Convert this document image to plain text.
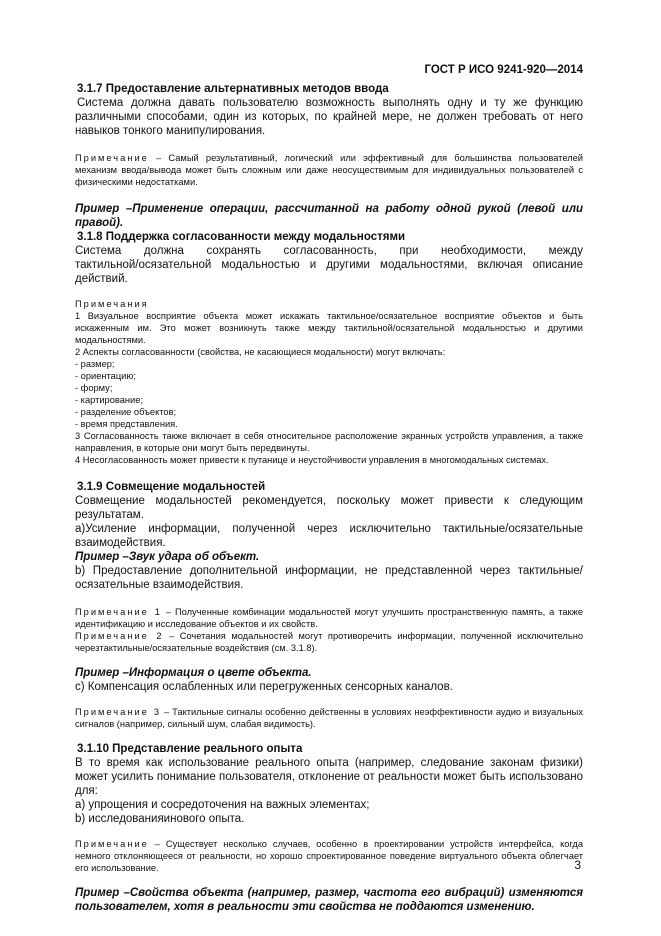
ГОСТ Р ИСО 9241-920—2014

3.1.7 Предоставление альтернативных методов ввода

Система должна давать пользователю возможность выполнять одну и ту же функцию различными способами, один из которых, по крайней мере, не должен требовать от него навыков тонкого манипулирования.

Примечание – Самый результативный, логический или эффективный для большинства пользователей механизм ввода/вывода может быть сложным или даже неосуществимым для индивидуальных пользователей с физическими недостатками.

Пример –Применение операции, рассчитанной на работу одной рукой (левой или правой).

3.1.8 Поддержка согласованности между модальностями

Система должна сохранять согласованность, при необходимости, между

тактильной/осязательной модальностью и другими модальностями, включая описание действий.

Примечания

1 Визуальное восприятие объекта может искажать тактильное/осязательное восприятие объектов и быть искаженным им. Это может возникнуть также между тактильной/осязательной модальностью и другими модальностями.

2 Аспекты согласованности (свойства, не касающиеся модальности) могут включать:

- размер;
- ориентацию;
- форму;
- картирование;
- разделение объектов;
- время представления.

3 Согласованность также включает в себя относительное расположение экранных устройств управления, а также направления, в которые они могут быть передвинуты.

4 Несогласованность может привести к путанице и неустойчивости управления в многомодальных системах.

3.1.9 Совмещение модальностей

Совмещение модальностей рекомендуется, поскольку может привести к следующим результатам.

а)Усиление информации, полученной через исключительно тактильные/осязательные взаимодействия.

Пример –Звук удара об объект.

b) Предоставление дополнительной информации, не представленной через тактильные/осязательные взаимодействия.

Примечание 1 – Полученные комбинации модальностей могут улучшить пространственную память, а также идентификацию и исследование объектов и их свойств.

Примечание 2 – Сочетания модальностей могут противоречить информации, полученной исключительно черезтактильные/осязательные воздействия (см. 3.1.8).

Пример –Информация о цвете объекта.

c) Компенсация ослабленных или перегруженных сенсорных каналов.

Примечание 3 – Тактильные сигналы особенно действенны в условиях неэффективности аудио и визуальных сигналов (например, сильный шум, слабая видимость).

3.1.10 Представление реального опыта

В то время как использование реального опыта (например, следование законам физики) может усилить понимание пользователя, отклонение от реальности может быть использовано для:

а) упрощения и сосредоточения на важных элементах;

b) исследованияинового опыта.

Примечание – Существует несколько случаев, особенно в проектировании устройств интерфейса, когда немного отклоняющееся от реальности, но хорошо спроектированное поведение виртуального объекта облегчает его использование.

Пример –Свойства объекта (например, размер, частота его вибраций) изменяются пользователем, хотя в реальности эти свойства не поддаются изменению.

3
